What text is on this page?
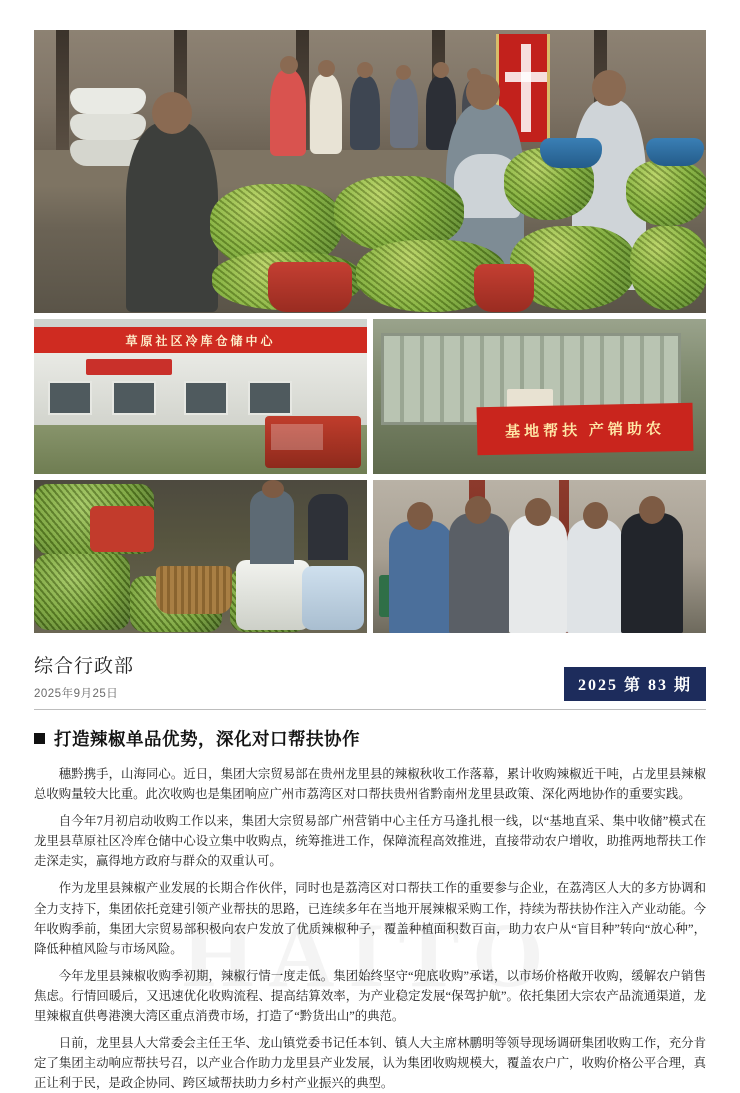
草原社区冷库仓储中心
基地帮扶 产销助农
综合行政部
2025年9月25日	2025 第 83 期
打造辣椒单品优势，深化对口帮扶协作

穗黔携手，山海同心。近日，集团大宗贸易部在贵州龙里县的辣椒秋收工作落幕，累计收购辣椒近干吨，占龙里县辣椒总收购量较大比重。此次收购也是集团响应广州市荔湾区对口帮扶贵州省黔南州龙里县政策、深化两地协作的重要实践。

自今年7月初启动收购工作以来，集团大宗贸易部广州营销中心主任方马逢扎根一线，以“基地直采、集中收储”模式在龙里县草原社区冷库仓储中心设立集中收购点，统筹推进工作，保障流程高效推进，直接带动农户增收，助推两地帮扶工作走深走实，赢得地方政府与群众的双重认可。

作为龙里县辣椒产业发展的长期合作伙伴，同时也是荔湾区对口帮扶工作的重要参与企业，在荔湾区人大的多方协调和全力支持下，集团依托竞建引领产业帮扶的思路，已连续多年在当地开展辣椒采购工作，持续为帮扶协作注入产业动能。今年收购季前，集团大宗贸易部积极向农户发放了优质辣椒种子，覆盖种植面积数百亩，助力农户从“盲目种”转向“放心种”，降低种植风险与市场风险。

今年龙里县辣椒收购季初期，辣椒行情一度走低。集团始终坚守“兜底收购”承诺，以市场价格敞开收购，缓解农户销售焦虑。行情回暖后，又迅速优化收购流程、提高结算效率，为产业稳定发展“保驾护航”。依托集团大宗农产品流通渠道，龙里辣椒直供粤港澳大湾区重点消费市场，打造了“黔货出山”的典范。

日前，龙里县人大常委会主任王华、龙山镇党委书记任本钊、镇人大主席林鹏明等领导现场调研集团收购工作，充分肯定了集团主动响应帮扶号召，以产业合作助力龙里县产业发展，认为集团收购规模大，覆盖农户广，收购价格公平合理，真正让利于民，是政企协同、跨区域帮扶助力乡村产业振兴的典型。
